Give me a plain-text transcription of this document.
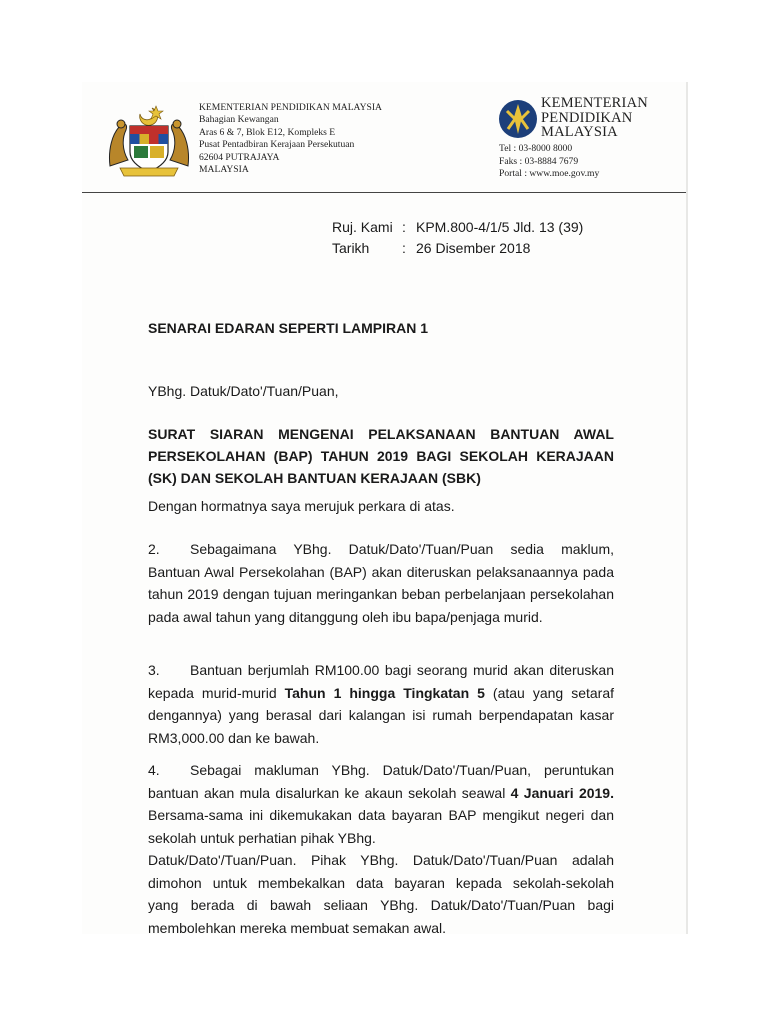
KEMENTERIAN PENDIDIKAN MALAYSIA
Bahagian Kewangan
Aras 6 & 7, Blok E12, Kompleks E
Pusat Pentadbiran Kerajaan Persekutuan
62604 PUTRAJAYA
MALAYSIA
KEMENTERIAN
PENDIDIKAN
MALAYSIA
Tel : 03-8000 8000
Faks : 03-8884 7679
Portal : www.moe.gov.my
Ruj. Kami : KPM.800-4/1/5 Jld. 13 (39)
Tarikh : 26 Disember 2018
SENARAI EDARAN SEPERTI LAMPIRAN 1
YBhg. Datuk/Dato'/Tuan/Puan,
SURAT SIARAN MENGENAI PELAKSANAAN BANTUAN AWAL PERSEKOLAHAN (BAP) TAHUN 2019 BAGI SEKOLAH KERAJAAN (SK) DAN SEKOLAH BANTUAN KERAJAAN (SBK)
Dengan hormatnya saya merujuk perkara di atas.
2. Sebagaimana YBhg. Datuk/Dato'/Tuan/Puan sedia maklum, Bantuan Awal Persekolahan (BAP) akan diteruskan pelaksanaannya pada tahun 2019 dengan tujuan meringankan beban perbelanjaan persekolahan pada awal tahun yang ditanggung oleh ibu bapa/penjaga murid.
3. Bantuan berjumlah RM100.00 bagi seorang murid akan diteruskan kepada murid-murid Tahun 1 hingga Tingkatan 5 (atau yang setaraf dengannya) yang berasal dari kalangan isi rumah berpendapatan kasar RM3,000.00 dan ke bawah.
4. Sebagai makluman YBhg. Datuk/Dato'/Tuan/Puan, peruntukan bantuan akan mula disalurkan ke akaun sekolah seawal 4 Januari 2019. Bersama-sama ini dikemukakan data bayaran BAP mengikut negeri dan sekolah untuk perhatian pihak YBhg.
Datuk/Dato'/Tuan/Puan. Pihak YBhg. Datuk/Dato'/Tuan/Puan adalah
dimohon untuk membekalkan data bayaran kepada sekolah-sekolah
yang berada di bawah seliaan YBhg. Datuk/Dato'/Tuan/Puan bagi
membolehkan mereka membuat semakan awal.
